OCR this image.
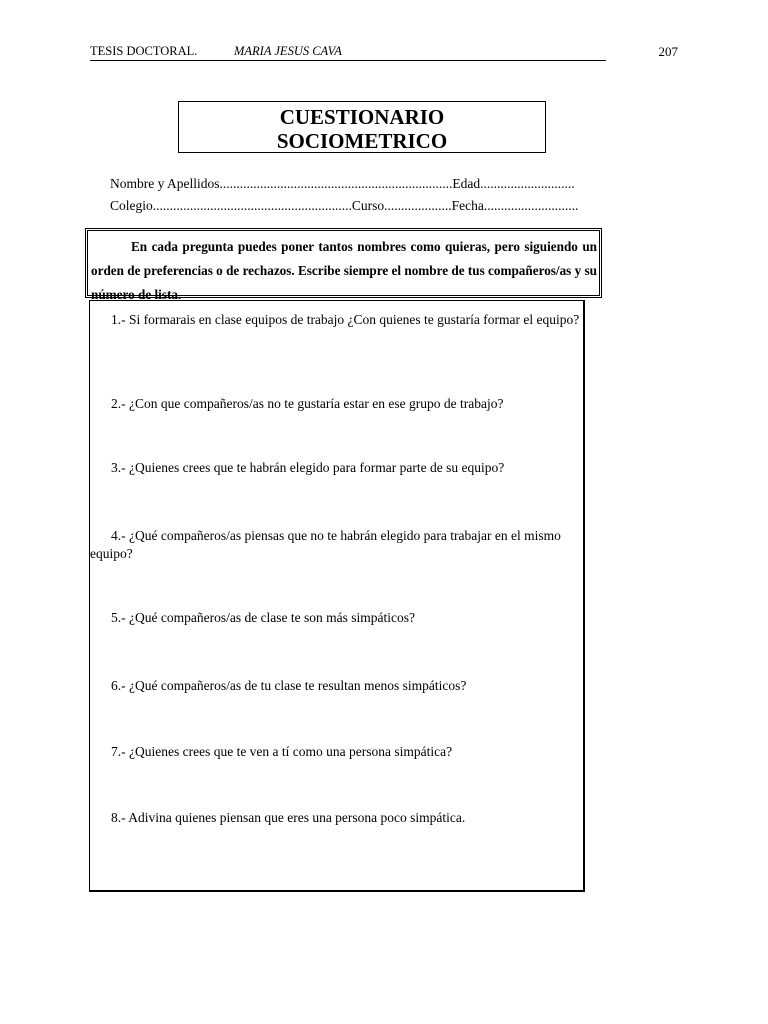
TESIS DOCTORAL.	MARIA JESUS CAVA	207
CUESTIONARIO
SOCIOMETRICO
Nombre y Apellidos.....................................................................Edad............................
Colegio...........................................................Curso....................Fecha............................
En cada pregunta puedes poner tantos nombres como quieras, pero siguiendo un orden de preferencias o de rechazos. Escribe siempre el nombre de tus compañeros/as y su número de lista.
1.- Si formarais en clase equipos de trabajo ¿Con quienes te gustaría formar el equipo?
2.- ¿Con que compañeros/as no te gustaría estar en ese grupo de trabajo?
3.- ¿Quienes crees que te habrán elegido para formar parte de su equipo?
4.- ¿Qué compañeros/as piensas que no te habrán elegido para trabajar en el mismo equipo?
5.- ¿Qué compañeros/as de clase te son más simpáticos?
6.- ¿Qué compañeros/as de tu clase te resultan menos simpáticos?
7.- ¿Quienes crees que te ven a tí como una persona simpática?
8.- Adivina quienes piensan que eres una persona poco simpática.
